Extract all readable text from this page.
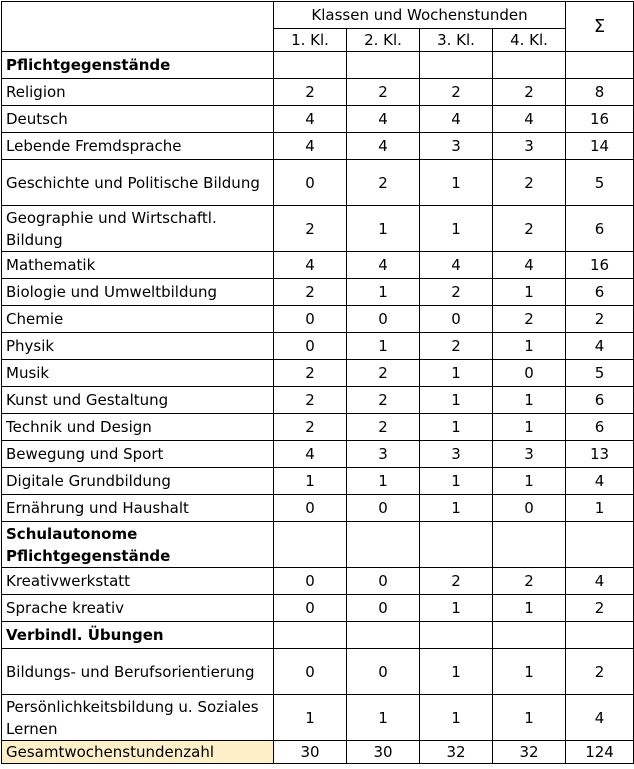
	Klassen und Wochenstunden				Σ
	1. Kl.	2. Kl.	3. Kl.	4. Kl.	
Pflichtgegenstände					
Religion	2	2	2	2	8
Deutsch	4	4	4	4	16
Lebende Fremdsprache	4	4	3	3	14
Geschichte und Politische Bildung	0	2	1	2	5
Geographie und Wirtschaftl. Bildung	2	1	1	2	6
Mathematik	4	4	4	4	16
Biologie und Umweltbildung	2	1	2	1	6
Chemie	0	0	0	2	2
Physik	0	1	2	1	4
Musik	2	2	1	0	5
Kunst und Gestaltung	2	2	1	1	6
Technik und Design	2	2	1	1	6
Bewegung und Sport	4	3	3	3	13
Digitale Grundbildung	1	1	1	1	4
Ernährung und Haushalt	0	0	1	0	1
Schulautonome Pflichtgegenstände					
Kreativwerkstatt	0	0	2	2	4
Sprache kreativ	0	0	1	1	2
Verbindl. Übungen					
Bildungs- und Berufsorientierung	0	0	1	1	2
Persönlichkeitsbildung u. Soziales Lernen	1	1	1	1	4
Gesamtwochenstundenzahl	30	30	32	32	124
